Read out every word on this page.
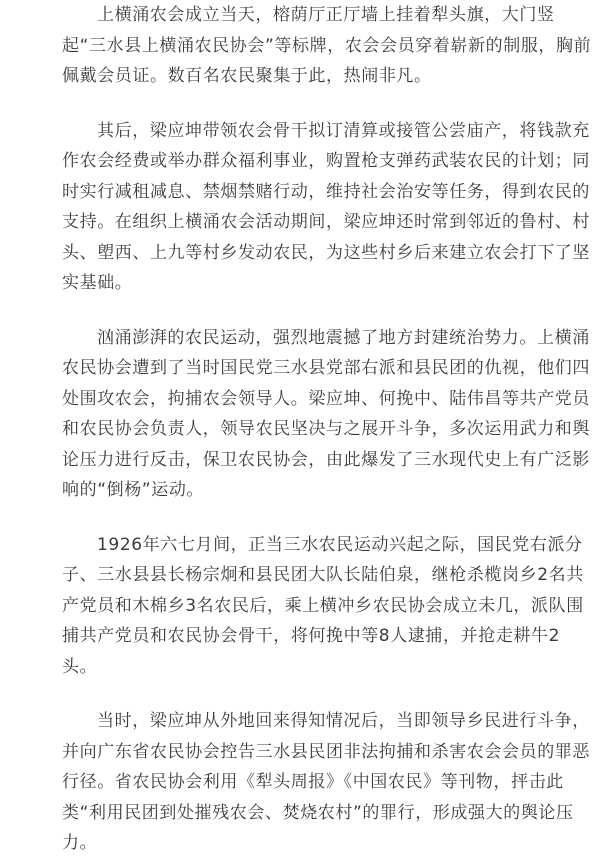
上横涌农会成立当天，榕荫厅正厅墙上挂着犁头旗，大门竖起“三水县上横涌农民协会”等标牌，农会会员穿着崭新的制服，胸前佩戴会员证。数百名农民聚集于此，热闹非凡。

其后，梁应坤带领农会骨干拟订清算或接管公尝庙产，将钱款充作农会经费或举办群众福利事业，购置枪支弹药武装农民的计划；同时实行减租减息、禁烟禁赌行动，维持社会治安等任务，得到农民的支持。在组织上横涌农会活动期间，梁应坤还时常到邻近的鲁村、村头、塱西、上九等村乡发动农民，为这些村乡后来建立农会打下了坚实基础。

汹涌澎湃的农民运动，强烈地震撼了地方封建统治势力。上横涌农民协会遭到了当时国民党三水县党部右派和县民团的仇视，他们四处围攻农会，拘捕农会领导人。梁应坤、何挽中、陆伟昌等共产党员和农民协会负责人，领导农民坚决与之展开斗争，多次运用武力和舆论压力进行反击，保卫农民协会，由此爆发了三水现代史上有广泛影响的“倒杨”运动。

1926年六七月间，正当三水农民运动兴起之际，国民党右派分子、三水县县长杨宗炯和县民团大队长陆伯泉，继枪杀榄岗乡2名共产党员和木棉乡3名农民后，乘上横冲乡农民协会成立未几，派队围捕共产党员和农民协会骨干，将何挽中等8人逮捕，并抢走耕牛2头。

当时，梁应坤从外地回来得知情况后，当即领导乡民进行斗争，并向广东省农民协会控告三水县民团非法拘捕和杀害农会会员的罪恶行径。省农民协会利用《犁头周报》《中国农民》等刊物，抨击此类“利用民团到处摧残农会、焚烧农村”的罪行，形成强大的舆论压力。
